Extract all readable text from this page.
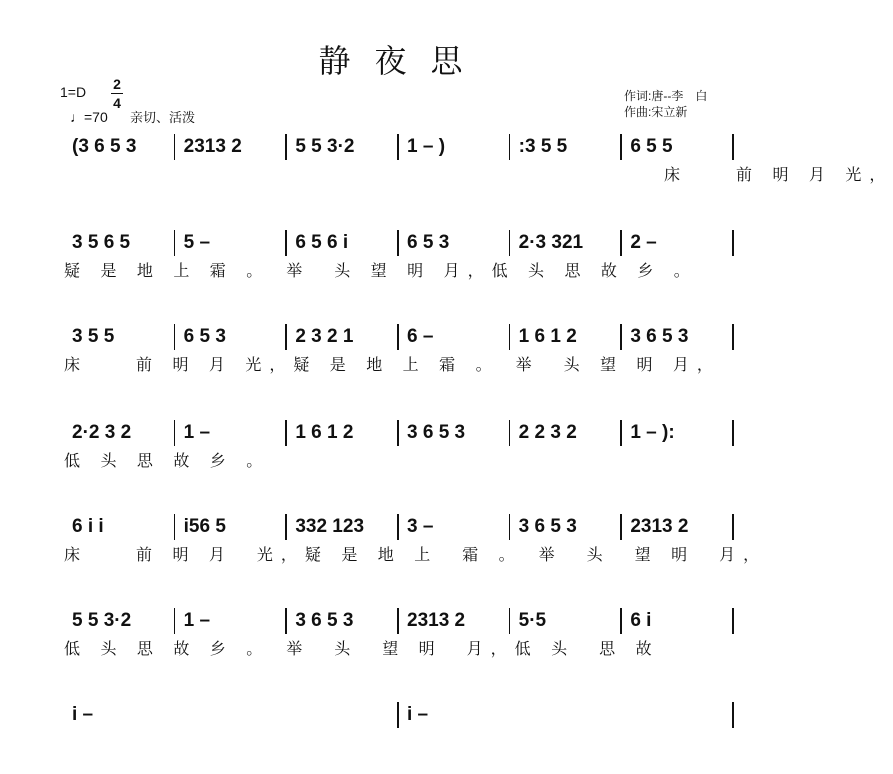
静夜思
1=D 2
4
♩=70 亲切、活泼
作词:唐--李　白
作曲:宋立新
(3 6 5 3 2313 2	5 5 3·2	1 – )	:3 5 5	6 5 5
　　　　　　　　　　　　　　　　　　　　　　　　　床　　前 明 月 光，
3 5 6 5	5 –	6 5 6 i	6 5 3	2·3 321 2 –
疑 是 地 上 霜 。　举　头 望 明 月，低 头 思 故 乡 。
3 5 5	6 5 3	2 3 2 1	6 –	1 6 1 2	3 6 5 3
床　　前 明 月 光，疑 是 地 上 霜 。　举　头 望 明 月，
2·2 3 2	1 –	1 6 1 2	3 6 5 3	2 2 3 2	1 – ):
低 头 思 故 乡 。
6 i i	i56 5	332 123 3 –	3 6 5 3	2313 2
床　　前 明 月　光，疑 是 地 上　霜 。　举　头　望 明　月，
5 5 3·2	1 –	3 6 5 3	2313 2	5·5	6 i
低 头 思 故 乡 。　举　头　望 明　月，低 头　思 故
i –	i –
